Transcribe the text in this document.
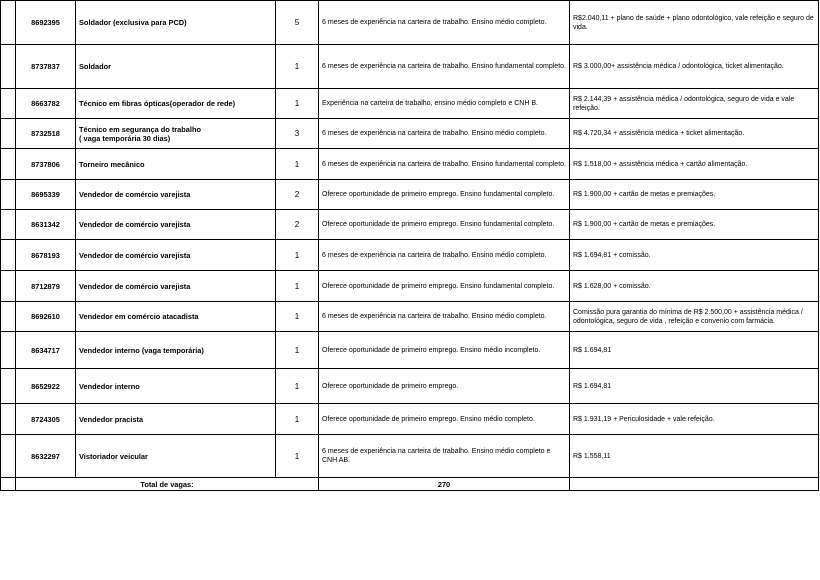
	8692395	Soldador (exclusiva para PCD)	5	6 meses de experiência na carteira de trabalho. Ensino médio completo.	R$2.040,11 + plano de saúde + plano odontológico, vale refeição e seguro de vida.	
	8737837	Soldador	1	6 meses de experiência na carteira de trabalho. Ensino fundamental completo.	R$ 3.000,00+ assistência médica / odontológica, ticket alimentação.	
	8663782	Técnico em fibras ópticas(operador de rede)	1	Experiência na carteira de trabalho, ensino médio completo e CNH B.	R$ 2.144,39 + assistência médica / odontológica, seguro de vida e vale refeição.	
	8732518	Técnico em segurança do trabalho
( vaga temporária 30 dias)	3	6 meses de experiência na carteira de trabalho. Ensino médio completo.	R$ 4.720,34 + assistência médica + ticket alimentação.	
	8737806	Torneiro mecânico	1	6 meses de experiência na carteira de trabalho. Ensino fundamental completo.	R$ 1.518,00 + assistência médica + cartão alimentação.	
	8695339	Vendedor de comércio varejista	2	Oferece oportunidade de primeiro emprego. Ensino fundamental completo.	R$ 1.900,00 + cartão de metas e premiações.	
	8631342	Vendedor de comércio varejista	2	Oferece oportunidade de primeiro emprego. Ensino fundamental completo.	R$ 1.900,00 + cartão de metas e premiações.	
	8678193	Vendedor de comércio varejista	1	6 meses de experiência na carteira de trabalho. Ensino médio completo.	R$ 1.694,81 + comissão.	
	8712879	Vendedor de comércio varejista	1	Oferece oportunidade de primeiro emprego. Ensino fundamental completo.	R$ 1.628,00 + comissão.	
	8692610	Vendedor em comércio atacadista	1	6 meses de experiência na carteira de trabalho. Ensino médio completo.	Comissão pura garantia do mínima de R$ 2.500,00 + assistência médica / odontológica, seguro de vida , refeição e convenio com farmácia.	
	8634717	Vendedor interno (vaga temporária)	1	Oferece oportunidade de primeiro emprego. Ensino médio incompleto.	R$ 1.694,81	
	8652922	Vendedor interno	1	Oferece oportunidade de primeiro emprego.	R$ 1.694,81	
	8724305	Vendedor pracista	1	Oferece oportunidade de primeiro emprego. Ensino médio completo.	R$ 1.931,19 + Periculosidade + vale refeição.	
	8632297	Vistoriador veicular	1	6 meses de experiência na carteira de trabalho. Ensino médio completo e CNH AB.	R$ 1.558,11	
	Total de vagas:			270		
